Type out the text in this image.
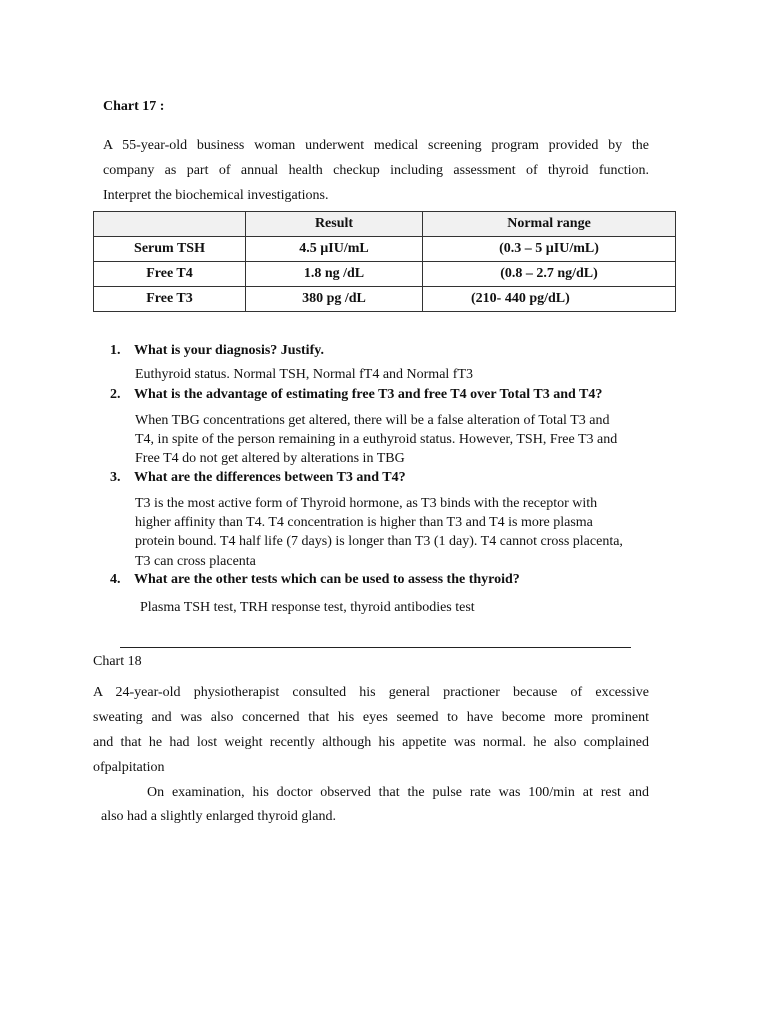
Chart 17 :
A 55-year-old business woman underwent medical screening program provided by the
company as part of annual health checkup including assessment of thyroid function.
Interpret the biochemical investigations.
	Result	Normal range
Serum TSH	4.5 µIU/mL	(0.3 – 5 µIU/mL)
Free T4	1.8 ng /dL	(0.8 – 2.7 ng/dL)
Free T3	380 pg /dL	(210- 440 pg/dL)
1. What is your diagnosis? Justify.
Euthyroid status. Normal TSH, Normal fT4 and Normal fT3
2. What is the advantage of estimating free T3 and free T4 over Total T3 and T4?
When TBG concentrations get altered, there will be a false alteration of Total T3 and
T4, in spite of the person remaining in a euthyroid status. However, TSH, Free T3 and
Free T4 do not get altered by alterations in TBG
3. What are the differences between T3 and T4?
T3 is the most active form of Thyroid hormone, as T3 binds with the receptor with
higher affinity than T4. T4 concentration is higher than T3 and T4 is more plasma
protein bound. T4 half life (7 days) is longer than T3 (1 day). T4 cannot cross placenta,
T3 can cross placenta
4. What are the other tests which can be used to assess the thyroid?
Plasma TSH test, TRH response test, thyroid antibodies test
Chart 18
A 24-year-old physiotherapist consulted his general practioner because of excessive
sweating and was also concerned that his eyes seemed to have become more prominent
and that he had lost weight recently although his appetite was normal. he also complained
ofpalpitation
On examination, his doctor observed that the pulse rate was 100/min at rest and
also had a slightly enlarged thyroid gland.
